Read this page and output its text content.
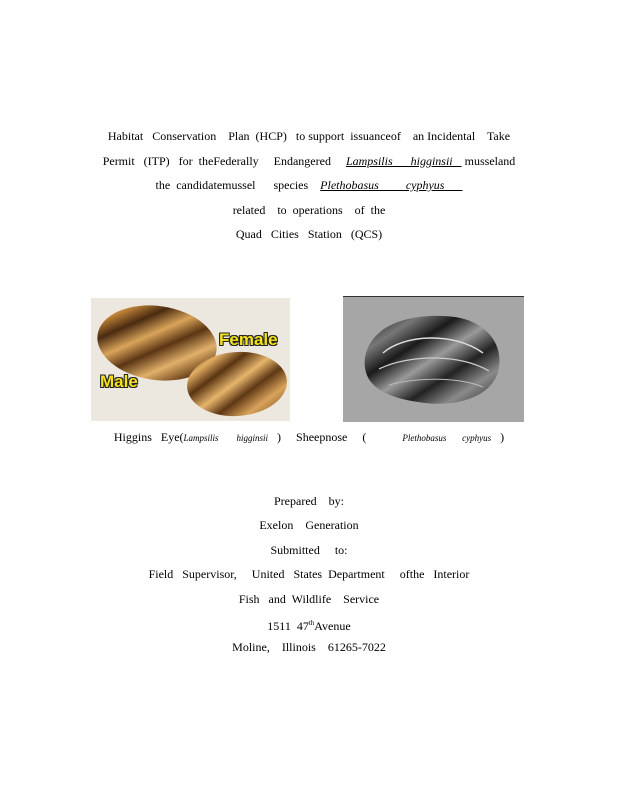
Habitat   Conservation    Plan  (HCP)   to support  issuanceof    an Incidental    Take
Permit   (ITP)   for  theFederally     Endangered     Lampsilis      higginsii    musseland
the  candidatemussel      species    Plethobasus         cyphyus
related    to  operations    of  the
Quad   Cities   Station   (QCS)
Female
Male
Higgins   Eye(Lampsilis        higginsii   )     Sheepnose     (	Plethobasus       cyphyus   )
Prepared    by:
Exelon    Generation
Submitted     to:
Field   Supervisor,     United   States  Department     ofthe   Interior
Fish   and  Wildlife    Service
1511  47thAvenue
Moline,    Illinois    61265-7022
